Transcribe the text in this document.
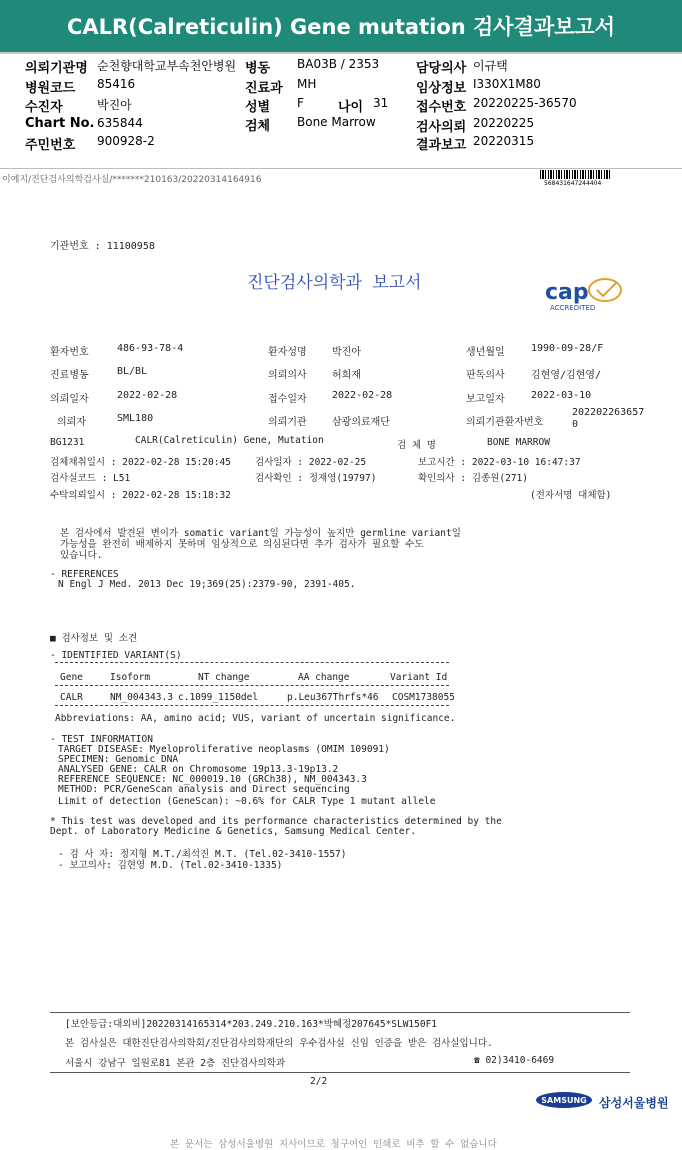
CALR(Calreticulin) Gene mutation 검사결과보고서
의뢰기관명 순천향대학교부속천안병원 병동 BA03B / 2353	담당의사 이규택
병원코드 85416	진료과 MH	임상정보 I330X1M80
수진자	박진아	성별 F	나이 31 접수번호 20220225-36570
Chart No. 635844	검체 Bone Marrow	검사의뢰 20220225
주민번호 900928-2	결과보고 20220315
이예지/진단검사의학검사실/*******210163/20220314164916	568431647244404
기관번호 : 11100958
진단검사의학과 보고서	cap
ACCREDITED
환자번호	486-93-78-4	환자성명	박진아	생년월일	1990-09-28/F
진료병동	BL/BL	의뢰의사	허희재	판독의사	김현영/김현영/
의뢰일자	2022-02-28	접수일자	2022-02-28	보고일자	2022-03-10
의뢰자	SML180	의뢰기관	삼광의료재단	의뢰기관환자번호
202202263657
0
BG1231	CALR(Calreticulin) Gene, Mutation	검 체 명	BONE MARROW
검체채취일시 : 2022-02-28 15:20:45	검사일자 : 2022-02-25	보고시간 : 2022-03-10 16:47:37
검사실코드 : L51	검사확인 : 정재영(19797)	확인의사 : 김종원(271)
수탁의뢰일시 : 2022-02-28 15:18:32	(전자서명 대체함)
본 검사에서 발견된 변이가 somatic variant일 가능성이 높지만 germline variant일
가능성을 완전히 배제하지 못하며 임상적으로 의심된다면 추가 검사가 필요할 수도
있습니다.
- REFERENCES
N Engl J Med. 2013 Dec 19;369(25):2379-90, 2391-405.
■ 검사정보 및 소견
- IDENTIFIED VARIANT(S)
Gene	Isoform	NT change	AA change	Variant Id
CALR	NM_004343.3 c.1099_1150del	p.Leu367Thrfs*46 COSM1738055
Abbreviations: AA, amino acid; VUS, variant of uncertain significance.
- TEST INFORMATION
TARGET DISEASE: Myeloproliferative neoplasms (OMIM 109091)
SPECIMEN: Genomic DNA
ANALYSED GENE: CALR on Chromosome 19p13.3-19p13.2
REFERENCE SEQUENCE: NC_000019.10 (GRCh38), NM_004343.3
METHOD: PCR/GeneScan analysis and Direct sequencing
Limit of detection (GeneScan): ~0.6% for CALR Type 1 mutant allele
* This test was developed and its performance characteristics determined by the
Dept. of Laboratory Medicine & Genetics, Samsung Medical Center.
- 검 사 자: 정지형 M.T./최석진 M.T. (Tel.02-3410-1557)
- 보고의사: 김현영 M.D. (Tel.02-3410-1335)
[보안등급:대외비]20220314165314*203.249.210.163*박혜정207645*SLW150F1
본 검사실은 대한진단검사의학회/진단검사의학재단의 우수검사실 신임 인증을 받은 검사실입니다.
서울시 강남구 일원로81 본관 2층 진단검사의학과	☎ 02)3410-6469
2/2
SAMSUNG	삼성서울병원
본 문서는 삼성서울병원 지사이므로 청구여인 인쇄로 비추 할 수 없습니다
